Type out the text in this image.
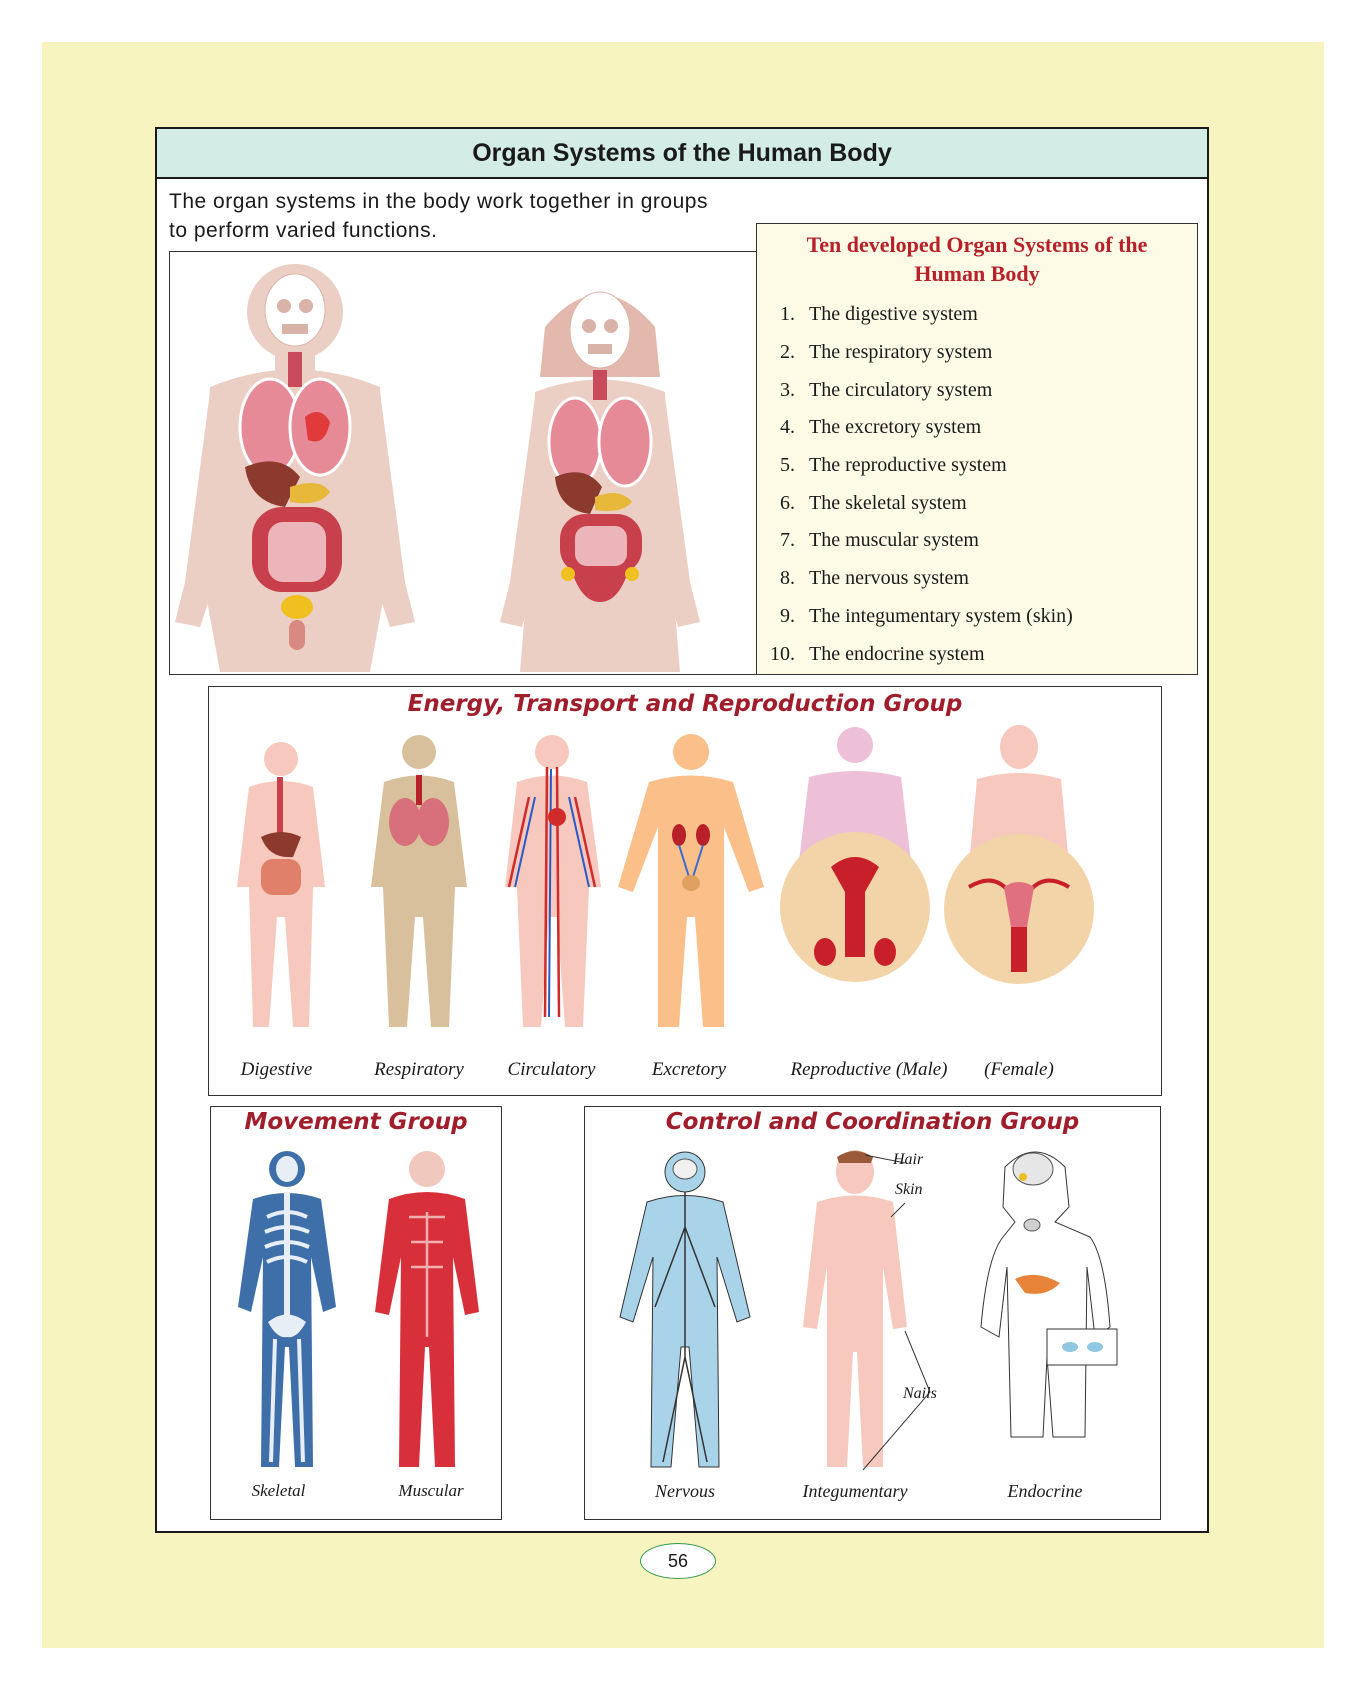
Organ Systems of the Human Body
The organ systems in the body work together in groups to perform varied functions.
Ten developed Organ Systems of the Human Body
1. The digestive system
2. The respiratory system
3. The circulatory system
4. The excretory system
5. The reproductive system
6. The skeletal system
7. The muscular system
8. The nervous system
9. The integumentary system (skin)
10. The endocrine system
Energy, Transport and Reproduction Group
Digestive	Respiratory	Circulatory	Excretory	Reproductive (Male)	(Female)
Movement Group
Skeletal	Muscular
Control and Coordination Group
Hair
Skin
Nails
Nervous	Integumentary	Endocrine
56
